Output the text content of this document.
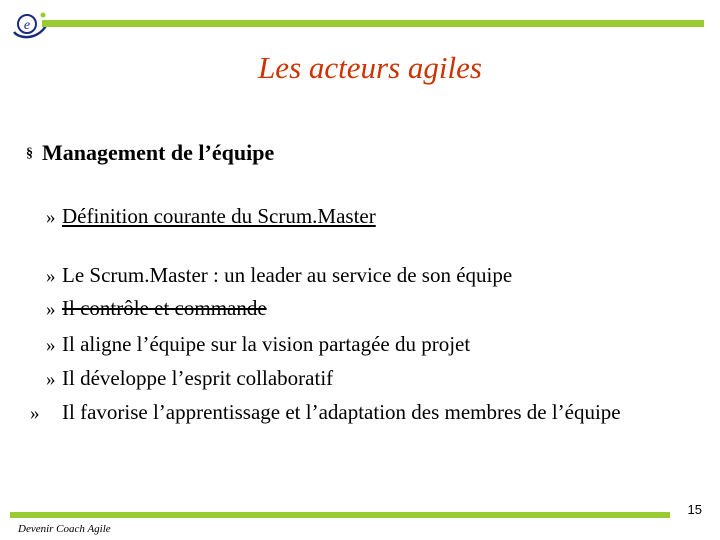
e
Les acteurs agiles
§ Management de l’équipe
» Définition courante du Scrum.Master
» Le Scrum.Master : un leader au service de son équipe
» Il contrôle et commande
» Il aligne l’équipe sur la vision partagée du projet
» Il développe l’esprit collaboratif
» Il favorise l’apprentissage et l’adaptation des membres de l’équipe
15
Devenir Coach Agile
